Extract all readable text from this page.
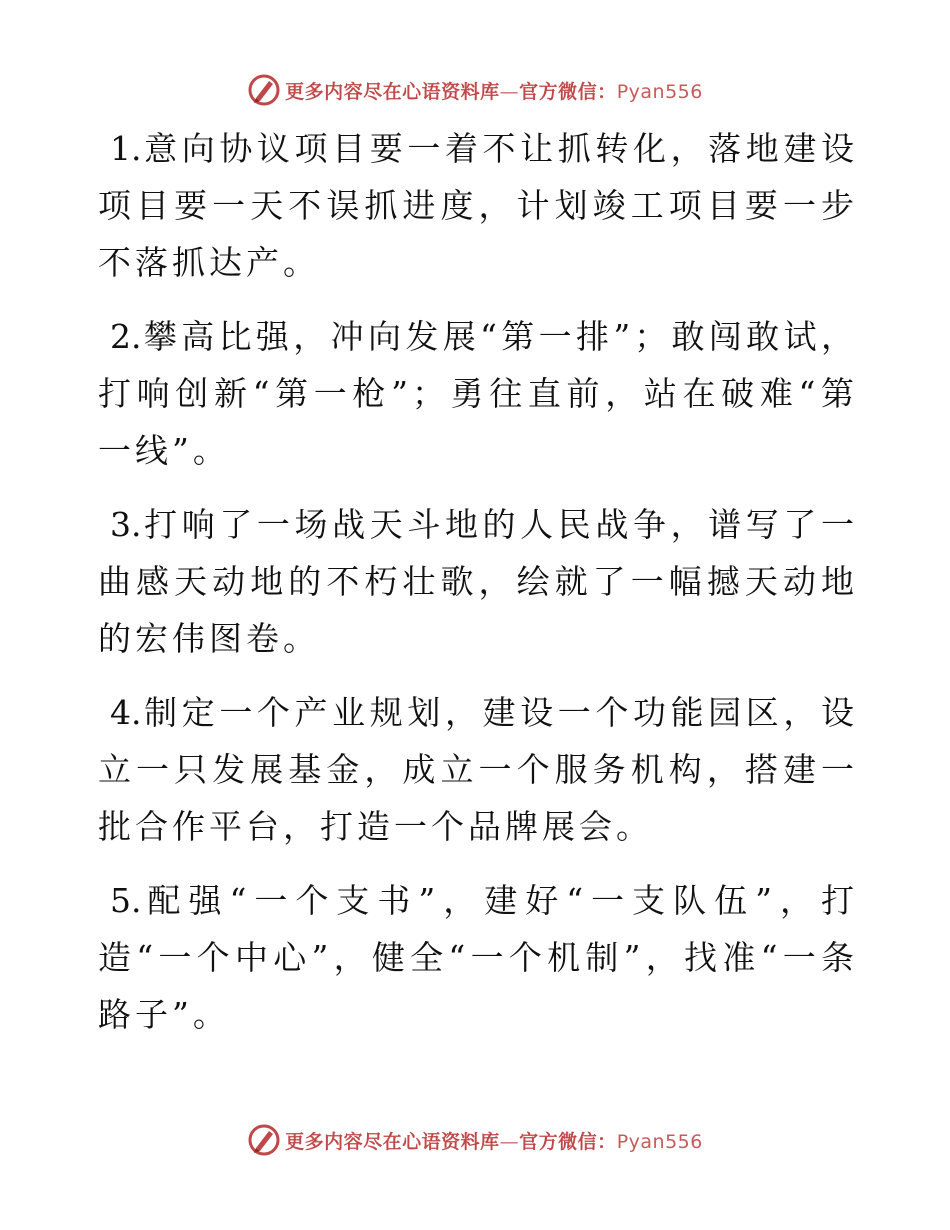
更多内容尽在心语资料库—官方微信：Pyan556

1.意向协议项目要一着不让抓转化，落地建设项目要一天不误抓进度，计划竣工项目要一步不落抓达产。

2.攀高比强，冲向发展“第一排”；敢闯敢试，打响创新“第一枪”；勇往直前，站在破难“第一线”。

3.打响了一场战天斗地的人民战争，谱写了一曲感天动地的不朽壮歌，绘就了一幅撼天动地的宏伟图卷。

4.制定一个产业规划，建设一个功能园区，设立一只发展基金，成立一个服务机构，搭建一批合作平台，打造一个品牌展会。

5.配强“一个支书”，建好“一支队伍”，打造“一个中心”，健全“一个机制”，找准“一条路子”。

更多内容尽在心语资料库—官方微信：Pyan556
